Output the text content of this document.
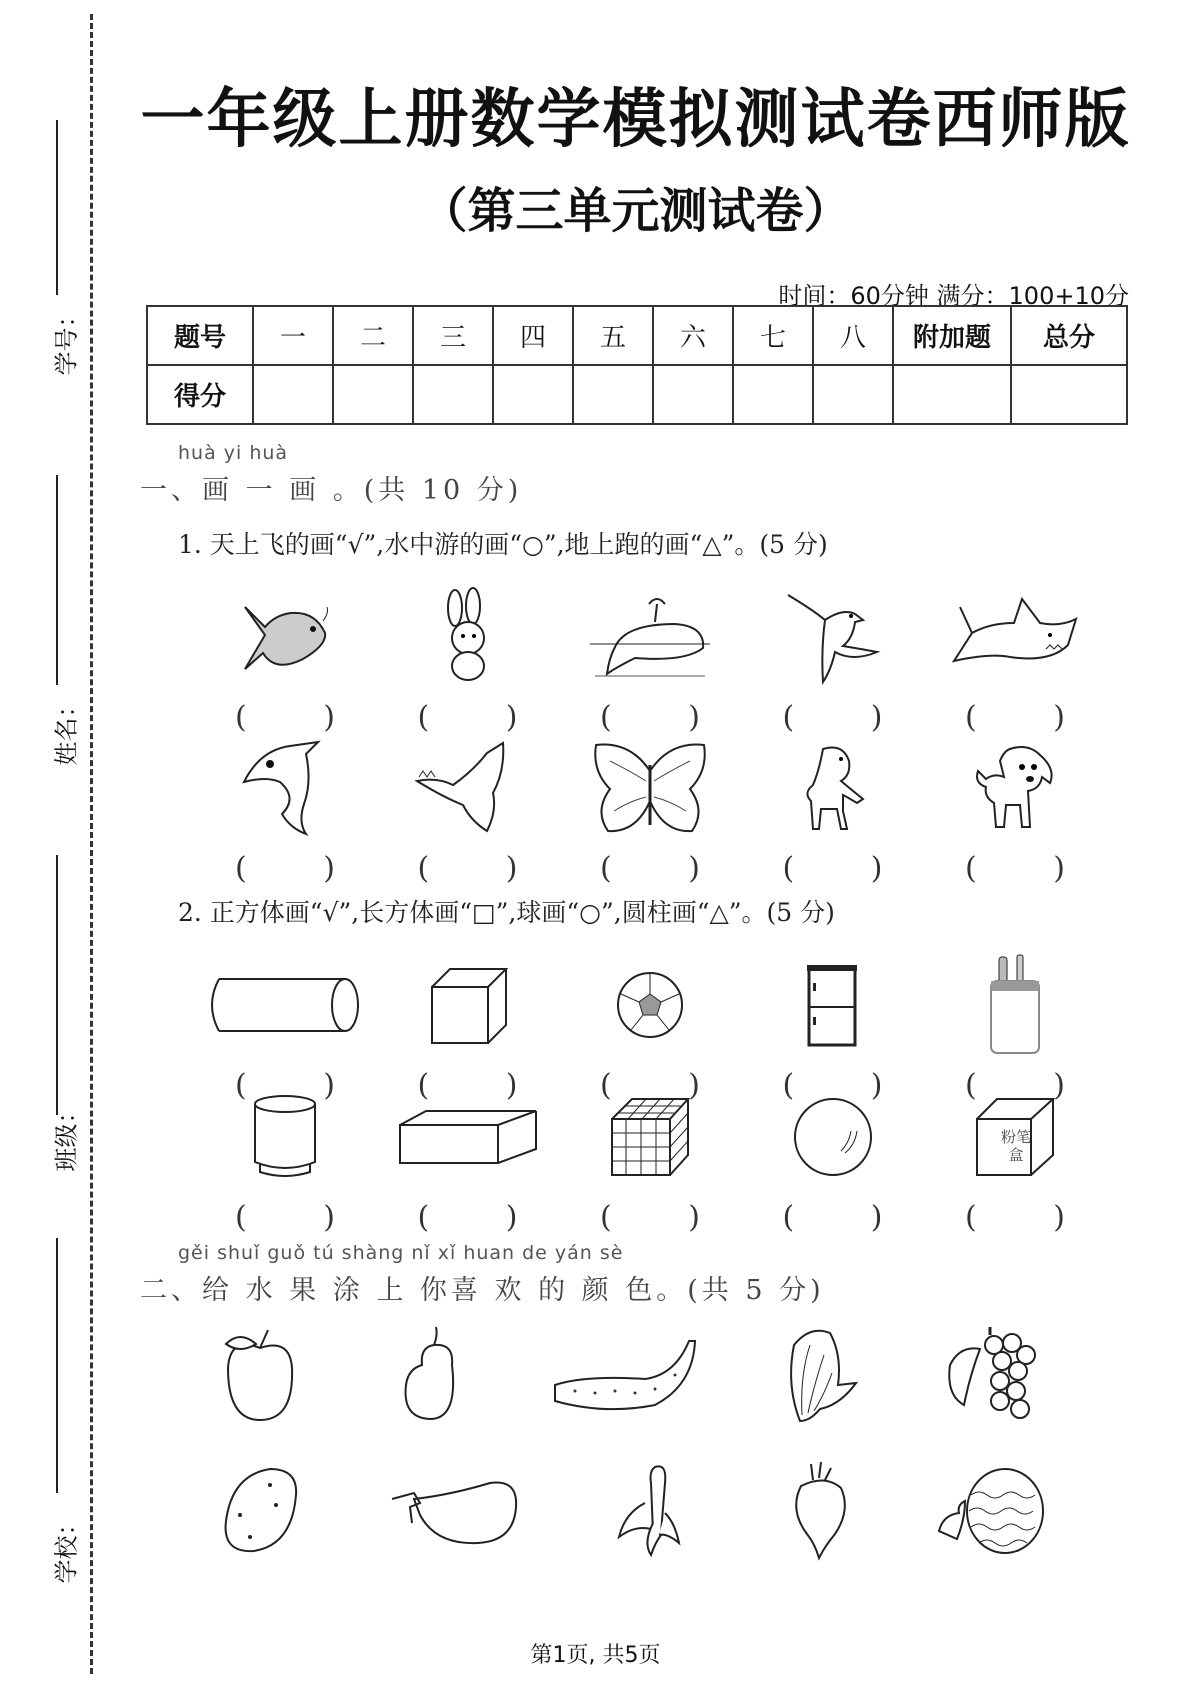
学号：
姓名：
班级：
学校：
一年级上册数学模拟测试卷西师版
（第三单元测试卷）
时间：60分钟 满分：100+10分
题号	一	二	三	四	五	六	七	八	附加题	总分
得分										
huà yi huà
一、画 一 画 。(共 10 分)
1. 天上飞的画“√”,水中游的画“○”,地上跑的画“△”。(5 分)
(	)	(	)	(	)	(	)	(	)
(	)	(	)	(	)	(	)	(	)
2. 正方体画“√”,长方体画“□”,球画“○”,圆柱画“△”。(5 分)
(	)	(	)	(	)	(	)	(	)
(	)	(	)	(	)	(	)
粉笔盒
(	)
gěi shuǐ guǒ tú shàng nǐ xǐ huan de yán sè
二、给 水 果 涂 上 你喜 欢 的 颜 色。(共 5 分)
第1页, 共5页
